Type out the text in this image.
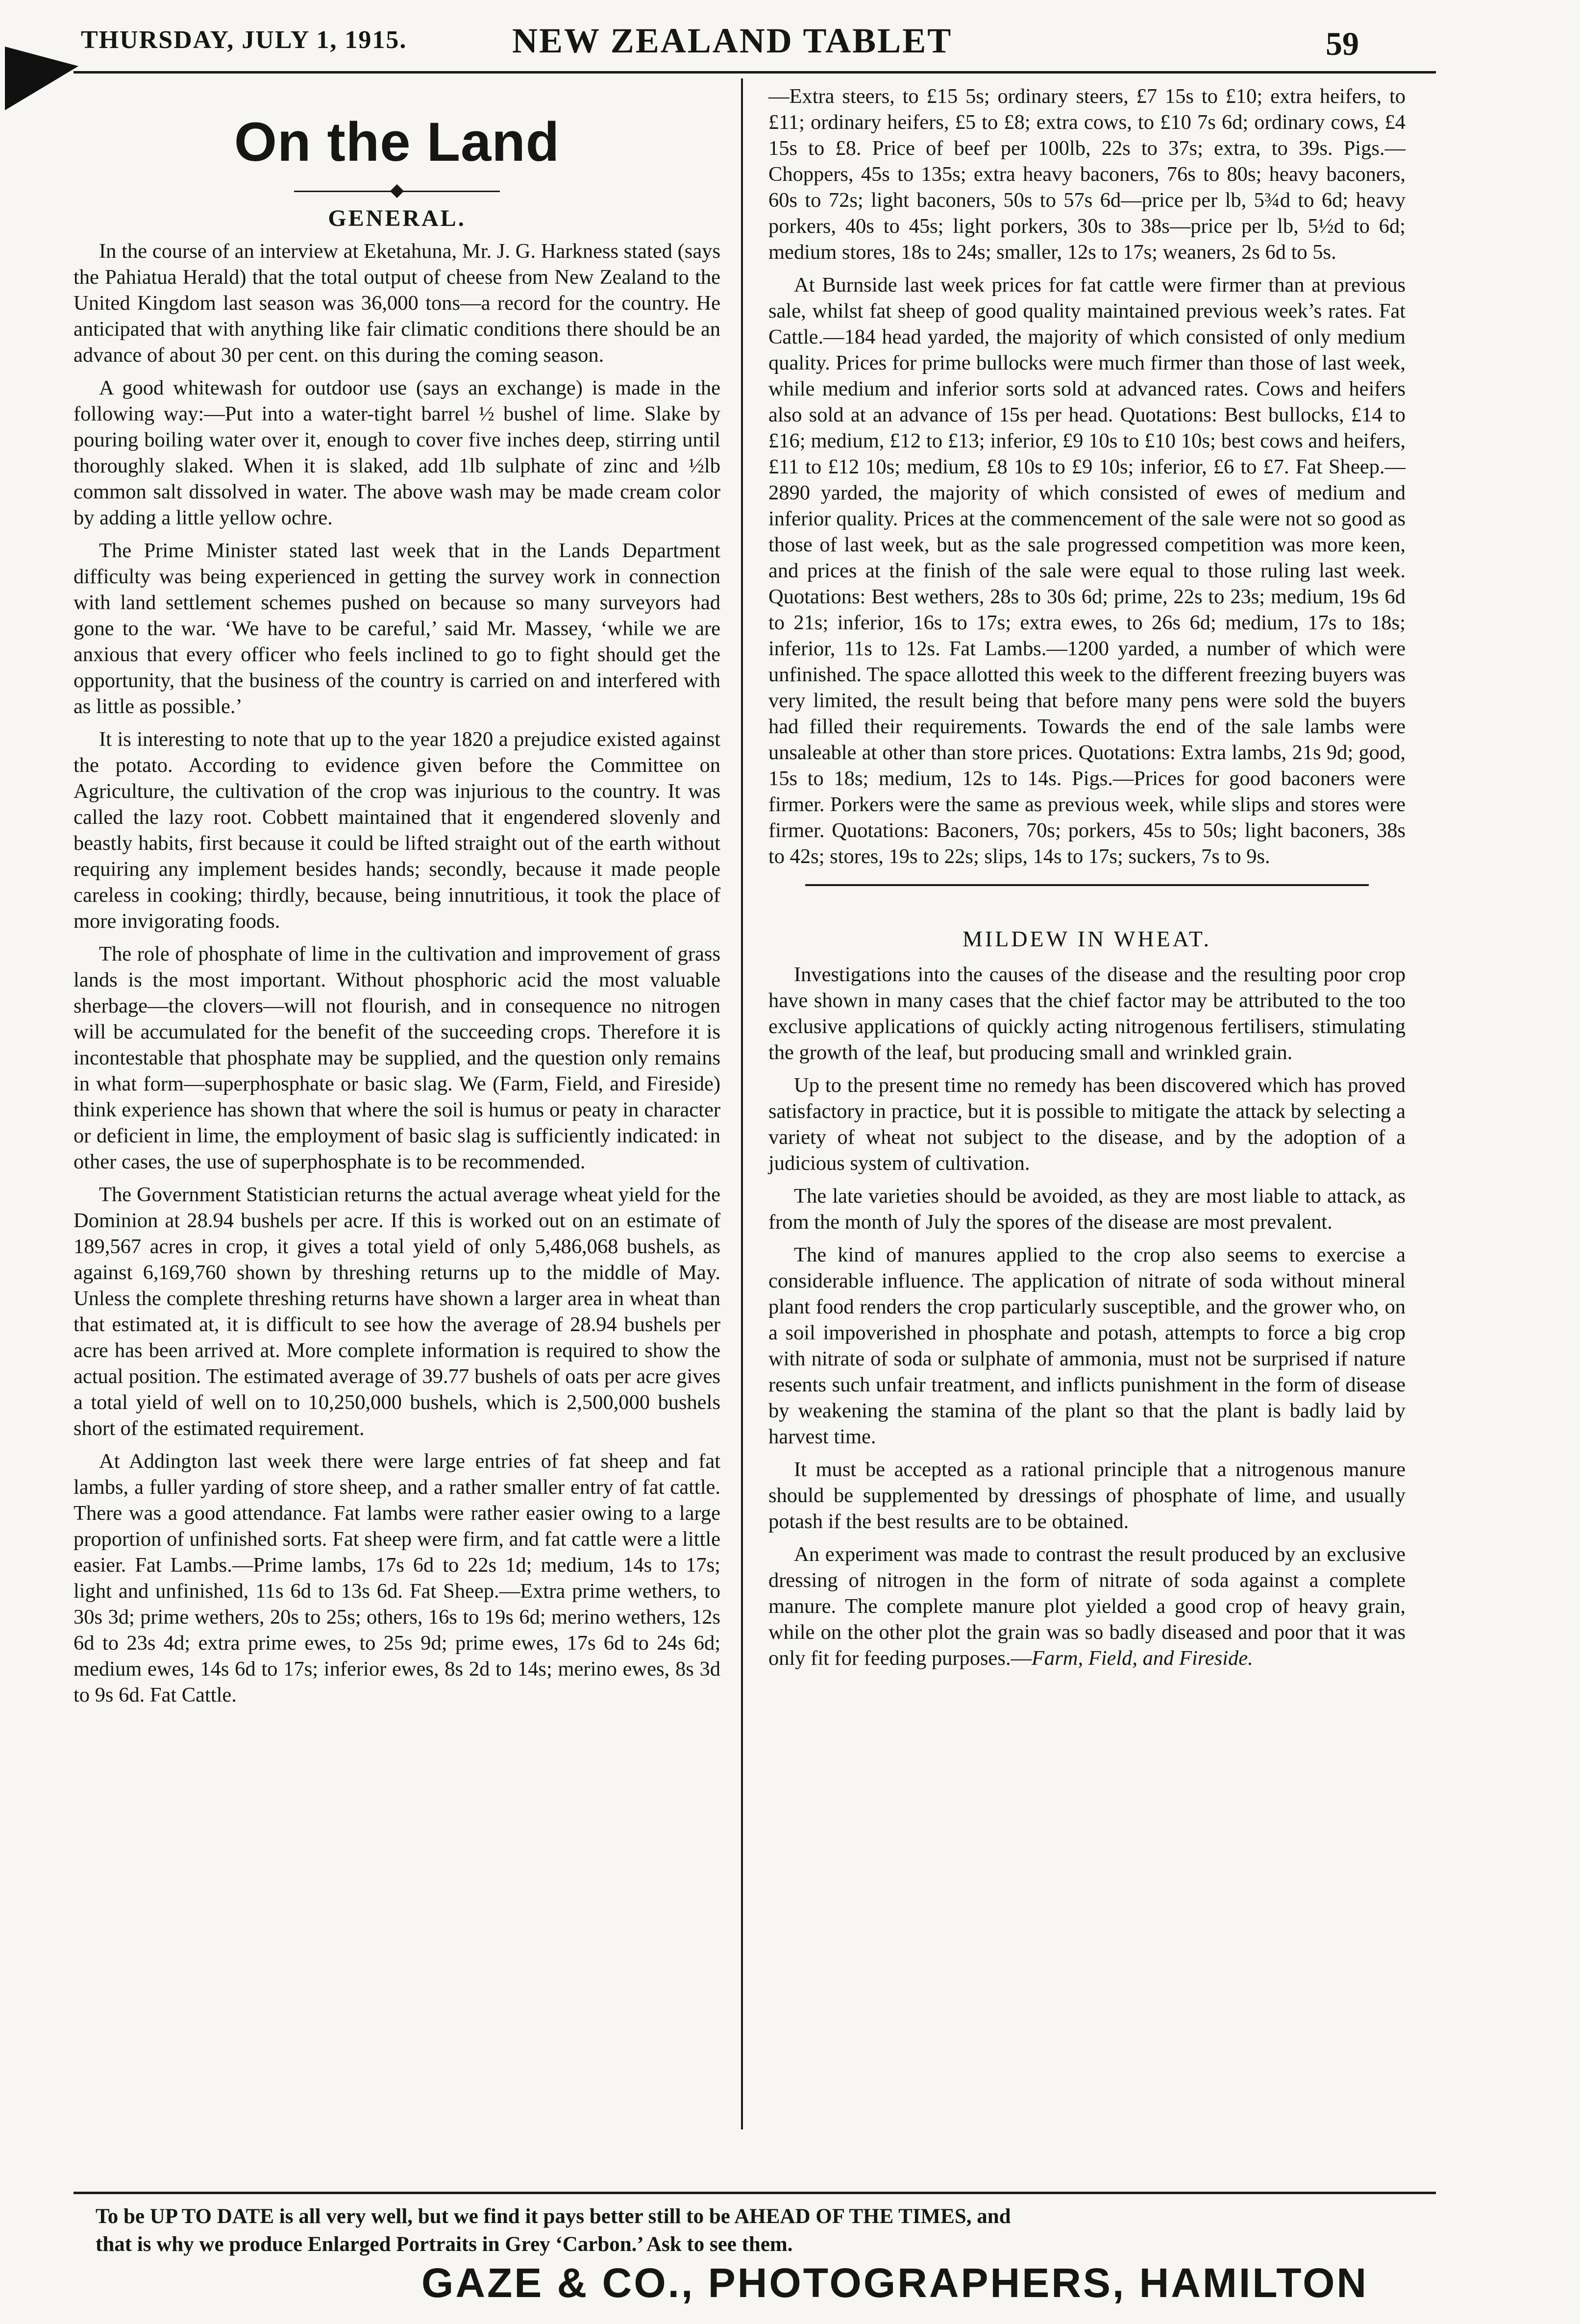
THURSDAY, JULY 1, 1915.	NEW ZEALAND TABLET	59
On the Land
GENERAL.

In the course of an interview at Eketahuna, Mr. J. G. Harkness stated (says the Pahiatua Herald) that the total output of cheese from New Zealand to the United Kingdom last season was 36,000 tons—a record for the country. He anticipated that with anything like fair climatic conditions there should be an advance of about 30 per cent. on this during the coming season.

A good whitewash for outdoor use (says an exchange) is made in the following way:—Put into a water-tight barrel ½ bushel of lime. Slake by pouring boiling water over it, enough to cover five inches deep, stirring until thoroughly slaked. When it is slaked, add 1lb sulphate of zinc and ½lb common salt dissolved in water. The above wash may be made cream color by adding a little yellow ochre.

The Prime Minister stated last week that in the Lands Department difficulty was being experienced in getting the survey work in connection with land settlement schemes pushed on because so many surveyors had gone to the war. ‘We have to be careful,’ said Mr. Massey, ‘while we are anxious that every officer who feels inclined to go to fight should get the opportunity, that the business of the country is carried on and interfered with as little as possible.’

It is interesting to note that up to the year 1820 a prejudice existed against the potato. According to evidence given before the Committee on Agriculture, the cultivation of the crop was injurious to the country. It was called the lazy root. Cobbett maintained that it engendered slovenly and beastly habits, first because it could be lifted straight out of the earth without requiring any implement besides hands; secondly, because it made people careless in cooking; thirdly, because, being innutritious, it took the place of more invigorating foods.

The role of phosphate of lime in the cultivation and improvement of grass lands is the most important. Without phosphoric acid the most valuable sherbage—the clovers—will not flourish, and in consequence no nitrogen will be accumulated for the benefit of the succeeding crops. Therefore it is incontestable that phosphate may be supplied, and the question only remains in what form—superphosphate or basic slag. We (Farm, Field, and Fireside) think experience has shown that where the soil is humus or peaty in character or deficient in lime, the employment of basic slag is sufficiently indicated: in other cases, the use of superphosphate is to be recommended.

The Government Statistician returns the actual average wheat yield for the Dominion at 28.94 bushels per acre. If this is worked out on an estimate of 189,567 acres in crop, it gives a total yield of only 5,486,068 bushels, as against 6,169,760 shown by threshing returns up to the middle of May. Unless the complete threshing returns have shown a larger area in wheat than that estimated at, it is difficult to see how the average of 28.94 bushels per acre has been arrived at. More complete information is required to show the actual position. The estimated average of 39.77 bushels of oats per acre gives a total yield of well on to 10,250,000 bushels, which is 2,500,000 bushels short of the estimated requirement.

At Addington last week there were large entries of fat sheep and fat lambs, a fuller yarding of store sheep, and a rather smaller entry of fat cattle. There was a good attendance. Fat lambs were rather easier owing to a large proportion of unfinished sorts. Fat sheep were firm, and fat cattle were a little easier. Fat Lambs.—Prime lambs, 17s 6d to 22s 1d; medium, 14s to 17s; light and unfinished, 11s 6d to 13s 6d. Fat Sheep.—Extra prime wethers, to 30s 3d; prime wethers, 20s to 25s; others, 16s to 19s 6d; merino wethers, 12s 6d to 23s 4d; extra prime ewes, to 25s 9d; prime ewes, 17s 6d to 24s 6d; medium ewes, 14s 6d to 17s; inferior ewes, 8s 2d to 14s; merino ewes, 8s 3d to 9s 6d. Fat Cattle.

—Extra steers, to £15 5s; ordinary steers, £7 15s to £10; extra heifers, to £11; ordinary heifers, £5 to £8; extra cows, to £10 7s 6d; ordinary cows, £4 15s to £8. Price of beef per 100lb, 22s to 37s; extra, to 39s. Pigs.—Choppers, 45s to 135s; extra heavy baconers, 76s to 80s; heavy baconers, 60s to 72s; light baconers, 50s to 57s 6d—price per lb, 5¾d to 6d; heavy porkers, 40s to 45s; light porkers, 30s to 38s—price per lb, 5½d to 6d; medium stores, 18s to 24s; smaller, 12s to 17s; weaners, 2s 6d to 5s.

At Burnside last week prices for fat cattle were firmer than at previous sale, whilst fat sheep of good quality maintained previous week’s rates. Fat Cattle.—184 head yarded, the majority of which consisted of only medium quality. Prices for prime bullocks were much firmer than those of last week, while medium and inferior sorts sold at advanced rates. Cows and heifers also sold at an advance of 15s per head. Quotations: Best bullocks, £14 to £16; medium, £12 to £13; inferior, £9 10s to £10 10s; best cows and heifers, £11 to £12 10s; medium, £8 10s to £9 10s; inferior, £6 to £7. Fat Sheep.—2890 yarded, the majority of which consisted of ewes of medium and inferior quality. Prices at the commencement of the sale were not so good as those of last week, but as the sale progressed competition was more keen, and prices at the finish of the sale were equal to those ruling last week. Quotations: Best wethers, 28s to 30s 6d; prime, 22s to 23s; medium, 19s 6d to 21s; inferior, 16s to 17s; extra ewes, to 26s 6d; medium, 17s to 18s; inferior, 11s to 12s. Fat Lambs.—1200 yarded, a number of which were unfinished. The space allotted this week to the different freezing buyers was very limited, the result being that before many pens were sold the buyers had filled their requirements. Towards the end of the sale lambs were unsaleable at other than store prices. Quotations: Extra lambs, 21s 9d; good, 15s to 18s; medium, 12s to 14s. Pigs.—Prices for good baconers were firmer. Porkers were the same as previous week, while slips and stores were firmer. Quotations: Baconers, 70s; porkers, 45s to 50s; light baconers, 38s to 42s; stores, 19s to 22s; slips, 14s to 17s; suckers, 7s to 9s.

MILDEW IN WHEAT.

Investigations into the causes of the disease and the resulting poor crop have shown in many cases that the chief factor may be attributed to the too exclusive applications of quickly acting nitrogenous fertilisers, stimulating the growth of the leaf, but producing small and wrinkled grain.

Up to the present time no remedy has been discovered which has proved satisfactory in practice, but it is possible to mitigate the attack by selecting a variety of wheat not subject to the disease, and by the adoption of a judicious system of cultivation.

The late varieties should be avoided, as they are most liable to attack, as from the month of July the spores of the disease are most prevalent.

The kind of manures applied to the crop also seems to exercise a considerable influence. The application of nitrate of soda without mineral plant food renders the crop particularly susceptible, and the grower who, on a soil impoverished in phosphate and potash, attempts to force a big crop with nitrate of soda or sulphate of ammonia, must not be surprised if nature resents such unfair treatment, and inflicts punishment in the form of disease by weakening the stamina of the plant so that the plant is badly laid by harvest time.

It must be accepted as a rational principle that a nitrogenous manure should be supplemented by dressings of phosphate of lime, and usually potash if the best results are to be obtained.

An experiment was made to contrast the result produced by an exclusive dressing of nitrogen in the form of nitrate of soda against a complete manure. The complete manure plot yielded a good crop of heavy grain, while on the other plot the grain was so badly diseased and poor that it was only fit for feeding purposes.—Farm, Field, and Fireside.

To be UP TO DATE is all very well, but we find it pays better still to be AHEAD OF THE TIMES, and
that is why we produce Enlarged Portraits in Grey ‘Carbon.’ Ask to see them.
GAZE & CO., PHOTOGRAPHERS, HAMILTON
